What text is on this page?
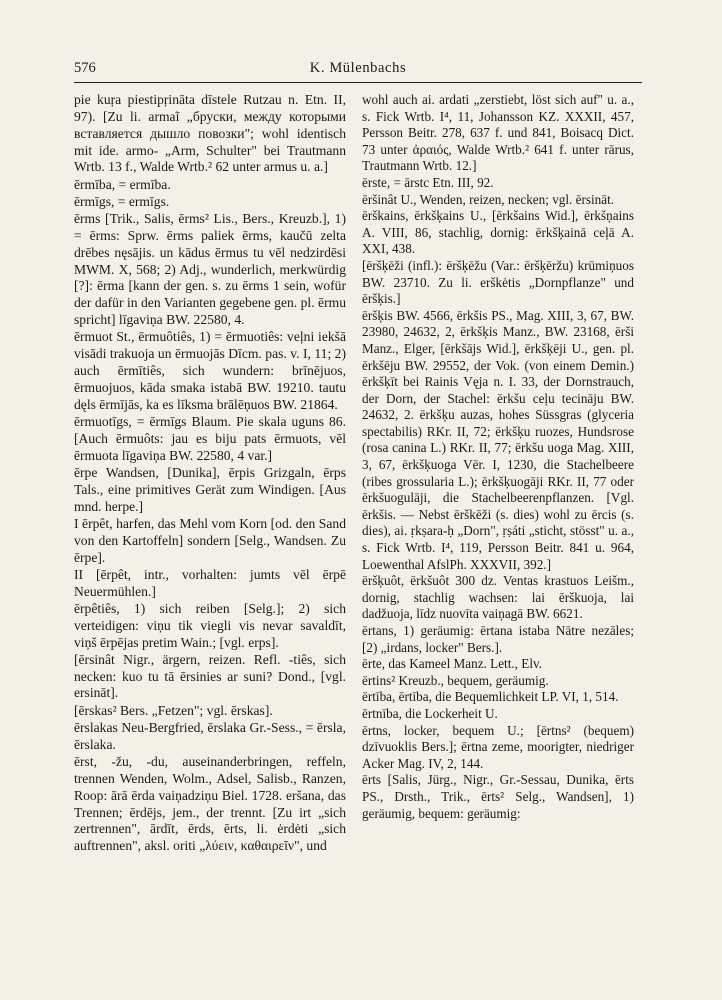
576	K. Mülenbachs
pie kuŗa piestipŗināta dīstele Rutzau n. Etn. II, 97). [Zu li. armaĩ „бруски, между которыми вставляется дышло повозки"; wohl identisch mit ide. armo- „Arm, Schulter" bei Trautmann Wrtb. 13 f., Walde Wrtb.² 62 unter armus u. a.]
ērmība, = ermība.
ērmīgs, = ermīgs.
ērms [Trik., Salis, ērms² Lis., Bers., Kreuzb.], 1) = ērms: Sprw. ērms paliek ērms, kaučū zelta drēbes nęsājis. un kādus ērmus tu vēl nedzirdēsi MWM. X, 568; 2) Adj., wunderlich, merkwürdig [?]: ērma [kann der gen. s. zu ērms 1 sein, wofür der dafür in den Varianten gegebene gen. pl. ērmu spricht] līgaviņa BW. 22580, 4.
ērmuot St., ērmuôtiês, 1) = ērmuotiês: veļni iekšā visādi trakuoja un ērmuojās Dīcm. pas. v. I, 11; 2) auch ērmītiês, sich wundern: brīnējuos, ērmuojuos, kāda smaka istabā BW. 19210. tautu dęls ērmījās, ka es līksma brālēņuos BW. 21864.
ērmuotīgs, = ērmīgs Blaum. Pie skala uguns 86. [Auch ērmuôts: jau es biju pats ērmuots, vēl ērmuota līgaviņa BW. 22580, 4 var.]
ērpe Wandsen, [Dunika], ērpis Grizgaln, ērps Tals., eine primitives Gerät zum Windigen. [Aus mnd. herpe.]
I ērpêt, harfen, das Mehl vom Korn [od. den Sand von den Kartoffeln] sondern [Selg., Wandsen. Zu ērpe].
II [ērpêt, intr., vorhalten: jumts vēl ērpē Neuermühlen.]
ērpêtiês, 1) sich reiben [Selg.]; 2) sich verteidigen: viņu tik viegli vis nevar savaldīt, viņš ērpējas pretim Wain.; [vgl. erps].
[ērsinât Nigr., ärgern, reizen. Refl. -tiês, sich necken: kuo tu tā ērsinies ar suni? Dond., [vgl. ersināt].
[ērskas² Bers. „Fetzen"; vgl. ērskas].
ērslakas Neu-Bergfried, ērslaka Gr.-Sess., = ērsla, ērslaka.
ērst, -žu, -du, auseinanderbringen, reffeln, trennen Wenden, Wolm., Adsel, Salisb., Ranzen, Roop: ārā ērda vaiņadziņu Biel. 1728. eršana, das Trennen; ērdējs, jem., der trennt. [Zu irt „sich zertrennen", ārdīt, ērds, ērts, li. ėrdėti „sich auftrennen", aksl. oriti „λύειν, καθαιρεῖν", und
wohl auch ai. ardati „zerstiebt, löst sich auf" u. a., s. Fick Wrtb. I⁴, 11, Johansson KZ. XXXII, 457, Persson Beitr. 278, 637 f. und 841, Boisacq Dict. 73 unter ἀραιός, Walde Wrtb.² 641 f. unter rārus, Trautmann Wrtb. 12.]
ērste, = ārstc Etn. III, 92.
ēršinât U., Wenden, reizen, necken; vgl. ērsināt.
ērškains, ērkšķains U., [ērkšains Wid.], ērkšņains A. VIII, 86, stachlig, dornig: ērkšķainā ceļā A. XXI, 438.
[ēršķēži (infl.): ēršķēžu (Var.: ēršķēržu) krūmiņuos BW. 23710. Zu li. erškėtis „Dornpflanze" und ēršķis.]
ēršķis BW. 4566, ērkšis PS., Mag. XIII, 3, 67, BW. 23980, 24632, 2, ērkšķis Manz., BW. 23168, ērši Manz., Elger, [ērkšājs Wid.], ērkšķēji U., gen. pl. ērkšēju BW. 29552, der Vok. (von einem Demin.) ērkšķīt bei Rainis Vęja n. I. 33, der Dornstrauch, der Dorn, der Stachel: ērkšu ceļu tecināju BW. 24632, 2. ērkšķu auzas, hohes Süssgras (glyceria spectabilis) RKr. II, 72; ērkšķu ruozes, Hundsrose (rosa canina L.) RKr. II, 77; ērkšu uoga Mag. XIII, 3, 67, ērkšķuoga Vēr. I, 1230, die Stachelbeere (ribes grossularia L.); ērkšķuogāji RKr. II, 77 oder ērkšuogulāji, die Stachelbeerenpflanzen. [Vgl. ērkšis. — Nebst ērškēži (s. dies) wohl zu ērcis (s. dies), ai. ṛkṣara-ḥ „Dorn", ṛṣáti „sticht, stösst" u. a., s. Fick Wrtb. I⁴, 119, Persson Beitr. 841 u. 964, Loewenthal AfslPh. XXXVII, 392.]
ēršķuôt, ērkšuôt 300 dz. Ventas krastuos Leišm., dornig, stachlig wachsen: lai ērškuoja, lai dadžuoja, līdz nuovīta vaiņagā BW. 6621.
ērtans, 1) geräumig: ērtana istaba Nātre nezāles; [2) „irdans, locker" Bers.].
ērte, das Kameel Manz. Lett., Elv.
ērtins² Kreuzb., bequem, geräumig.
ērtība, ērtība, die Bequemlichkeit LP. VI, 1, 514.
ērtnība, die Lockerheit U.
ērtns, locker, bequem U.; [ērtns² (bequem) dzīvuoklis Bers.]; ērtna zeme, moorigter, niedriger Acker Mag. IV, 2, 144.
ērts [Salis, Jürg., Nigr., Gr.-Sessau, Dunika, ērts PS., Drsth., Trik., ērts² Selg., Wandsen], 1) geräumig, bequem: geräumig:
